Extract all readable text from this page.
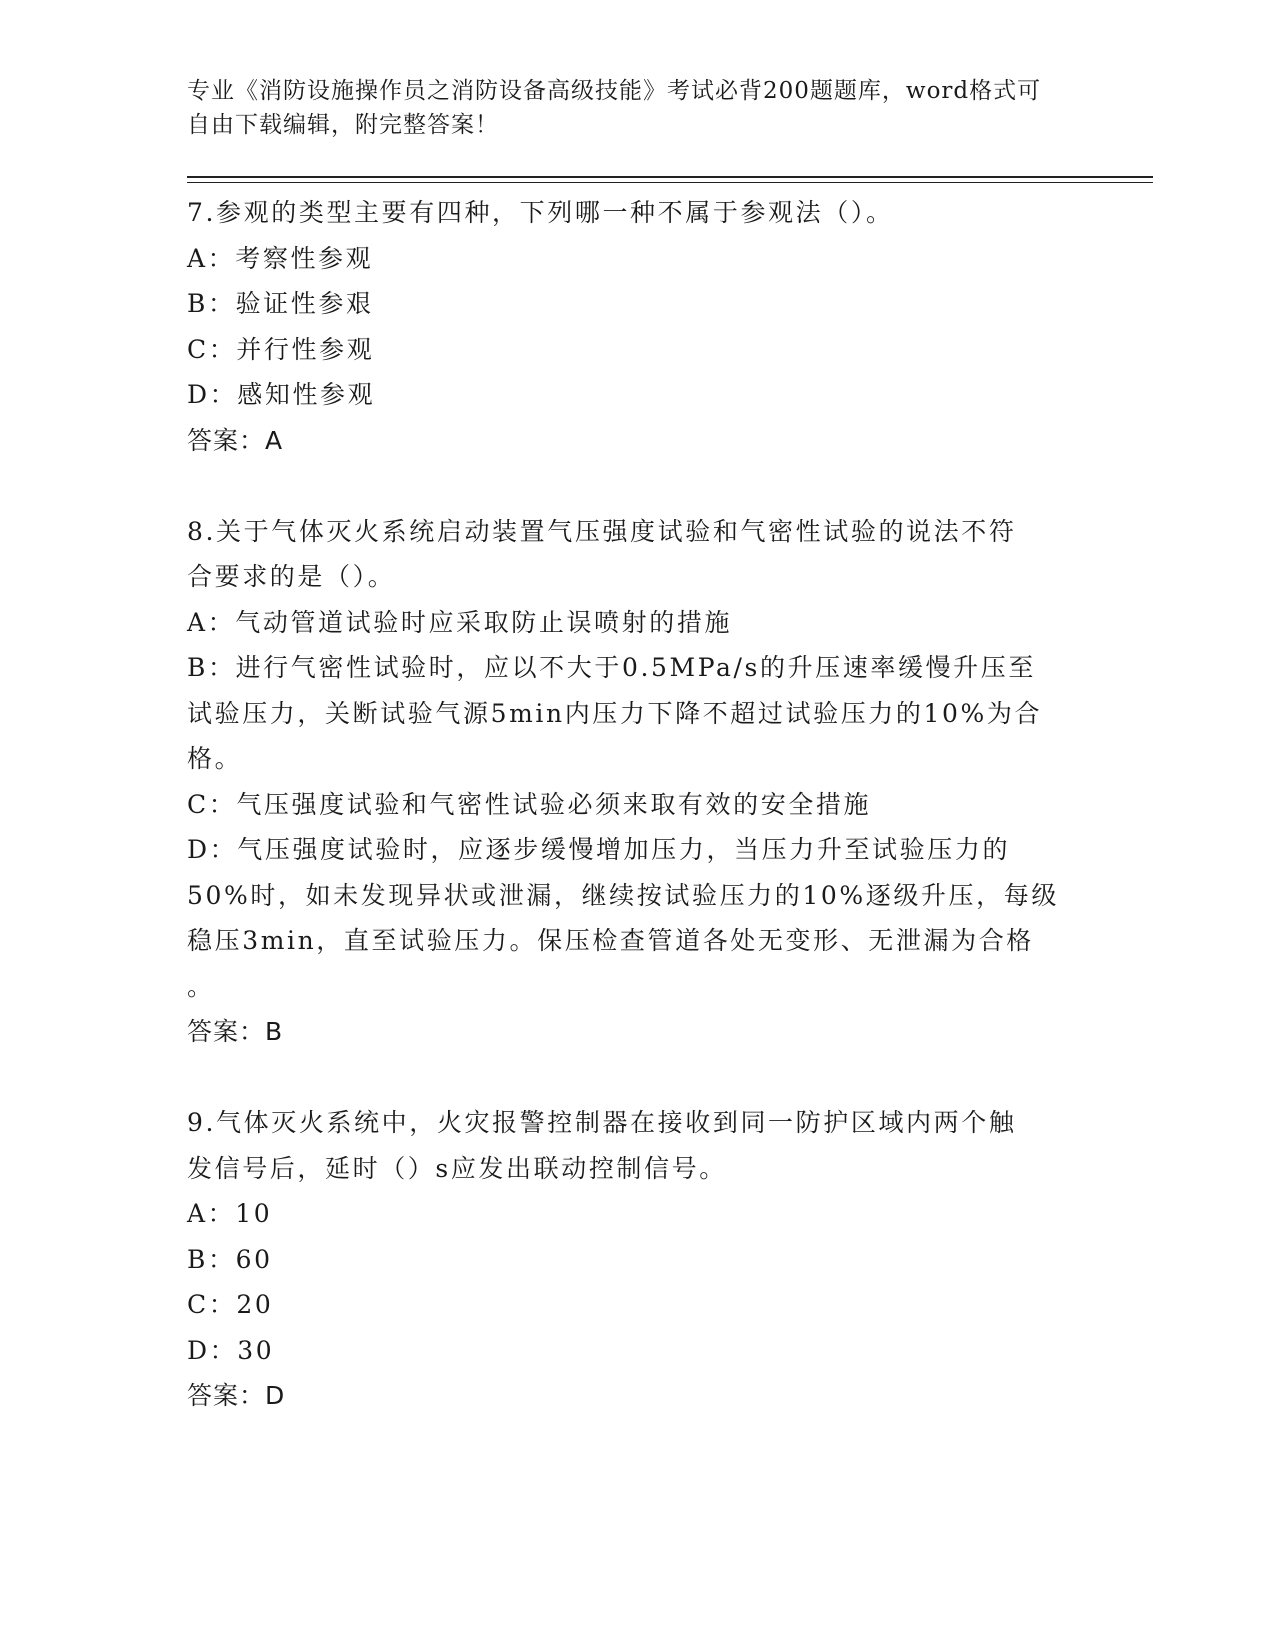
专业《消防设施操作员之消防设备高级技能》考试必背200题题库，word格式可
自由下载编辑，附完整答案！

7.参观的类型主要有四种，下列哪一种不属于参观法（）。

A：考察性参观

B：验证性参艰

C：并行性参观

D：感知性参观

答案：A

8.关于气体灭火系统启动装置气压强度试验和气密性试验的说法不符

合要求的是（）。

A：气动管道试验时应采取防止误喷射的措施

B：进行气密性试验时，应以不大于0.5MPa/s的升压速率缓慢升压至

试验压力，关断试验气源5min内压力下降不超过试验压力的10%为合

格。

C：气压强度试验和气密性试验必须来取有效的安全措施

D：气压强度试验时，应逐步缓慢增加压力，当压力升至试验压力的

50%时，如未发现异状或泄漏，继续按试验压力的10%逐级升压，每级

稳压3min，直至试验压力。保压检查管道各处无变形、无泄漏为合格

。

答案：B

9.气体灭火系统中，火灾报警控制器在接收到同一防护区域内两个触

发信号后，延时（）s应发出联动控制信号。

A：10

B：60

C：20

D：30

答案：D
